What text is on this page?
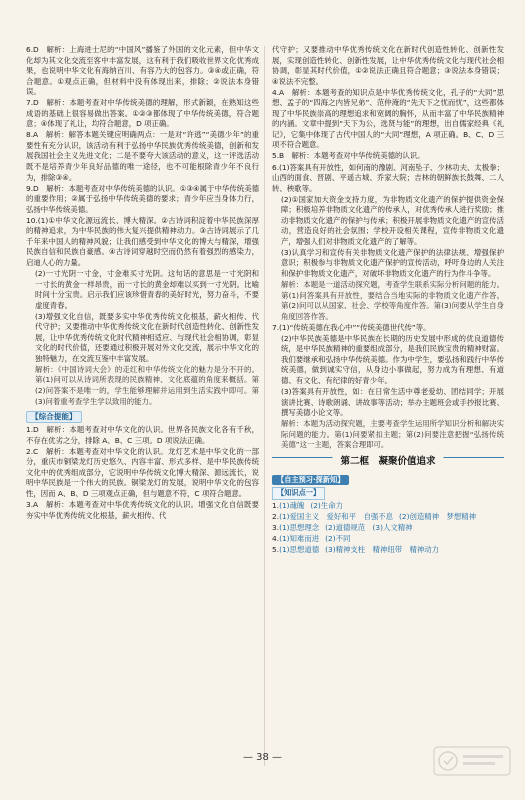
6.D　解析：上海进士尼的“中国风”播鉴了外国的文化元素，但中华文化却为其文化交流至客中丰富发展，这有利于我们吸收世界文化优秀成果，也说明中华文化有海纳百川、有容乃大的包容力。③④或正确，符合题意。①观点正确，但材料中没有体现出来，排除；②说法本身错误。
7.D　解析：本题考查对中华传统美德的理解，形式新颖，在熟知这些成语的基础上很容易做出答案。①②③都体现了中华传统美德，符合题意；④体现了礼让，均符合题意，D 项正确。
8.A　解析：解答本题关键应明确两点：一是对“许逃”“美德少年”的重要性有充分认识，该活动有利于弘扬中华民族优秀传统美德，创新和发展我国社会主义先进文化；二是不要夸大该活动的意义，这一评选活动既不是培养青少年良好品德的唯一途径，也不可能根除青少年不良行为，排除③④。
9.D　解析：本题考查对中华传统美德的认识。①③④属于中华传统美德的重要作用；②属于弘扬中华传统美德的要求；青少年应当身体力行，弘扬中华传统美德。
10.(1)①中华文化源远流长、博大精深。②古诗词积淀着中华民族深厚的精神追求，为中华民族的伟大复兴提供精神动力。③古诗词展示了几千年来中国人的精神风貌；让我们感受到中华文化的博大与精深，增强民族自信和民族自豪感。④古诗词穿越时空而仍然有着强烈的感染力，启迪人心的力量。
(2)一寸光阴一寸金，寸金难买寸光阴。这句话的意思是一寸光阴和一寸长的黄金一样昂贵，而一寸长的黄金却难以买到一寸光阴。比喻时间十分宝贵。启示我们应该珍惜青春的美好时光，努力奋斗，不要虚度青春。
(3)增强文化自信，既要多实中华优秀传统文化根基，薪火相传、代代守护；又要推动中华优秀传统文化在新时代创造性转化、创新性发展，让中华优秀传统文化时代精神相适应、与现代社会相协调，彰显文化的时代价值，还要通过积极开展对外文化交流，展示中华文化的独特魅力，在交流互鉴中丰富发展。
解析：《中国诗词大会》的走红和中华传统文化的魅力是分不开的。第(1)问可以从诗词所表现的民族精神、文化底蕴的角度来概括。第(2)问答案不是唯一的，学生能够理解并运用到生活实践中即可。第(3)问着重考查学生学以致用的能力。
【综合提能】
1.D　解析：本题考查对中华文化的认识。世界各民族文化各有千秋，不存在优劣之分，排除 A、B、C 三项。D 项说法正确。
2.C　解析：本题考查对中华文化的认识。龙灯艺术是中华文化的一部分，重庆市铜梁龙灯历史悠久、内容丰富、形式多样、是中华民族传统文化中的优秀组成部分，它说明中华传统文化博大精深、源远流长，说明中华民族是一个伟大的民族。铜梁龙灯的发展，说明中华文化的包容性，因而 A、B、D 三项观点正确，但与题意不符，C 项符合题意。
3.A　解析：本题考查对中华优秀传统文化的认识。增强文化自信既要夯实中华优秀传统文化根基，薪火相传、代
代守护；又要推动中华优秀传统文化在新时代创造性转化、创新性发展，实现创造性转化、创新性发展，让中华优秀传统文化与现代社会相协调，彰显其时代价值，①②说法正确且符合题意；③说法本身错误；④说法不完整。
4.A　解析：本题考查的知识点是中华优秀传统文化，孔子的“大同”思想、孟子的“四海之内皆兄弟”、范仲淹的“先天下之忧而忧”，这些都体现了中华民族崇高的理想追求和宽阔的胸怀，从而丰富了中华民族精神的内涵。文章中提到“天下为公，选贤与能”的理想，出自儒家经典《礼记》，它集中体现了古代中国人的“大同”理想，A 项正确。B、C、D 三项不符合题意。
5.B　解析：本题考查对中华传统美德的认识。
6.(1)答案具有开放性，如何南的豫剧、河南坠子、少林功夫、太极拳；山西的面食、晋剧、平遥古城、乔家大院；吉林的朝鲜族长鼓舞、二人转、秧歌等。
(2)①国家加大资金支持力度，为非物质文化遗产的保护提供资金保障；积极培养非物质文化遗产的传承人，对优秀传承人进行奖励；推动非物质文化遗产的保护与传承；积极开展非物质文化遗产的宣传活动，营造良好的社会氛围；学校开设相关课程，宣传非物质文化遗产，增强人们对非物质文化遗产的了解等。
(3)认真学习和宣传有关非物质文化遗产保护的法律法规、增强保护意识；积极参与非物质文化遗产保护的宣传活动，呼吁身边的人关注和保护非物质文化遗产，对破坏非物质文化遗产的行为作斗争等。
解析：本题是一道活动探究题，考查学生联系实际分析问题的能力。第(1)问答案具有开放性，要结合当地实际的非物质文化遗产作答。第(2)问可以从国家、社会、学校等角度作答。第(3)问要从学生自身角度回答作答。
7.(1)“传统美德在我心中”“传统美德世代传”等。
(2)中华民族美德是中华民族在长期的历史发展中形成的优良道德传统，是中华民族精神的重要组成部分，是我们民族宝贵的精神财富。我们要继承和弘扬中华传统美德。作为中学生，要弘扬和践行中华传统美德，做到诚实守信，从身边小事做起，努力成为有理想、有道德、有文化、有纪律的好青少年。
(3)答案具有开放性，如：在日常生活中尊老爱幼、团结同学；开展演讲比赛、诗歌朗诵、讲故事等活动；举办主题班会或手抄报比赛、撰写美德小论文等。
解析：本题为活动探究题，主要考查学生运用所学知识分析和解决实际问题的能力。第(1)问要紧扣主题；第(2)问要注意把握“弘扬传统美德”这一主题，答案合理即可。
第二框　凝聚价值追求
【自主预习·探新知】
【知识点一】
1.(1)魂魄 (2)生命力
2.(1)爱国主义　爱好和平　自强不息 (2)创造精神　梦想精神
3.(1)思想理念 (2)道德规范　(3)人文精神
4.(1)知难而进 (2)不同
5.(1)思想道德 (3)精神支柱　精神纽带　精神动力
— 38 —
